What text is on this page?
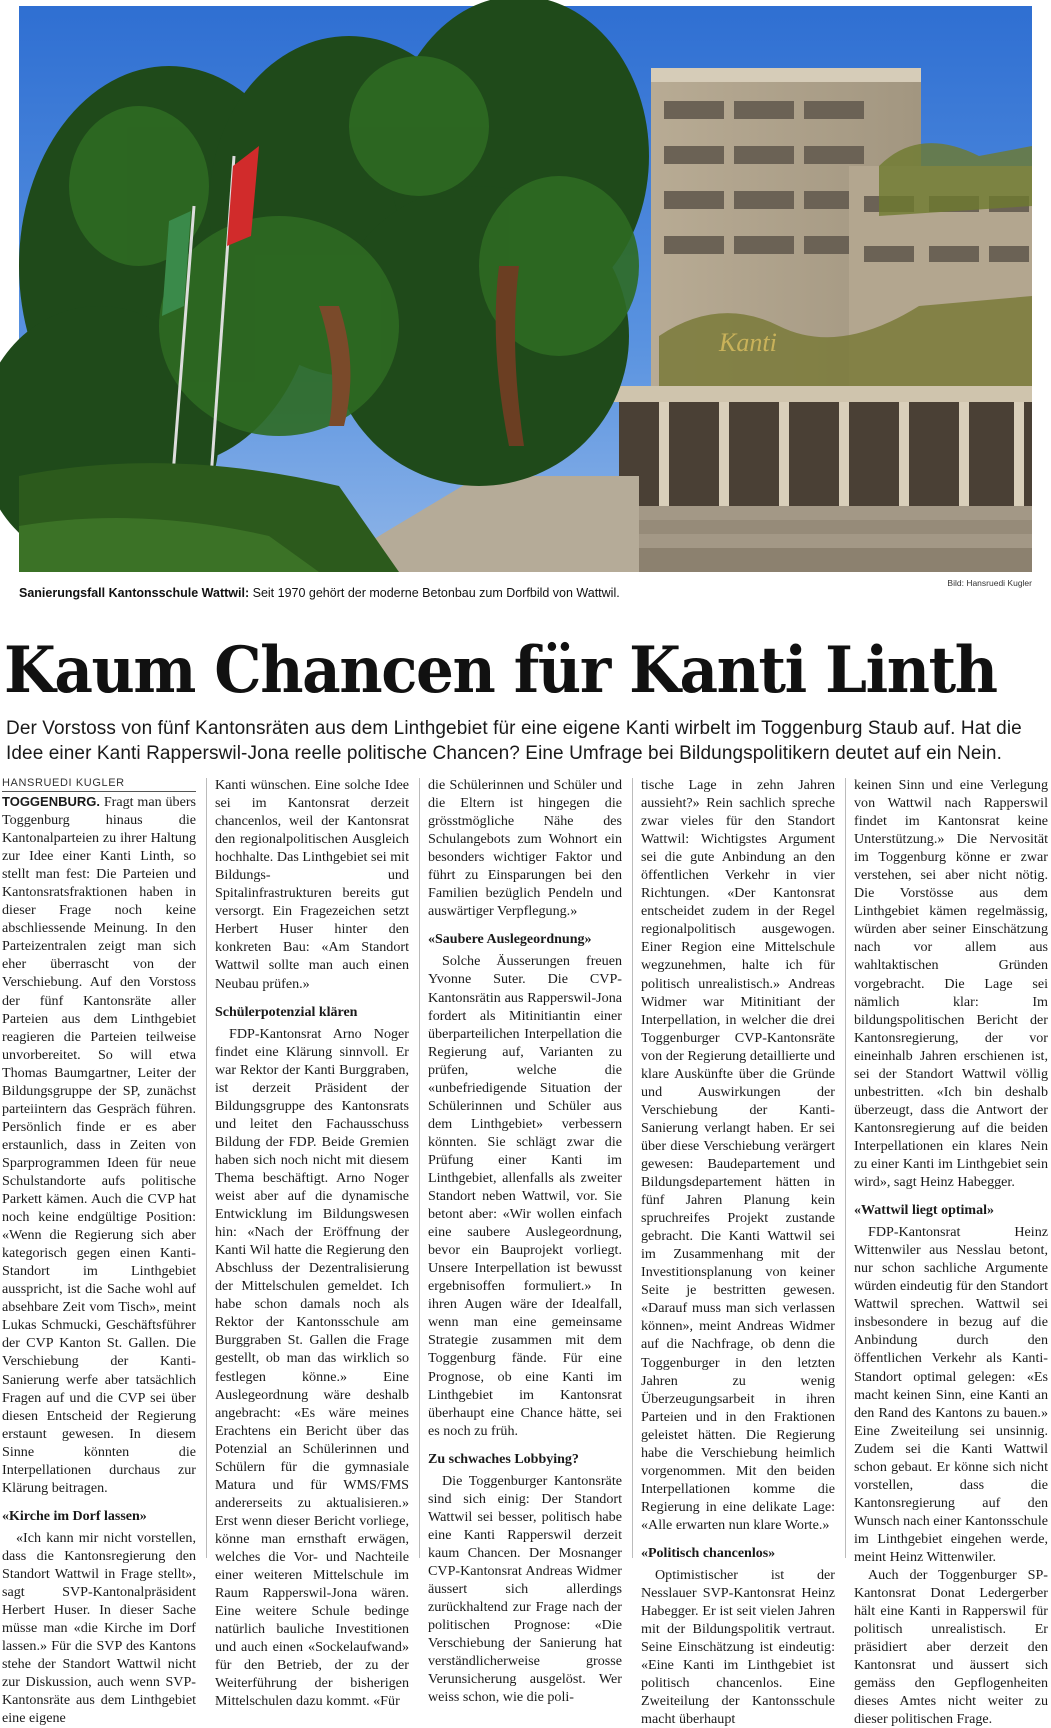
Kanti
Bild: Hansruedi Kugler
Sanierungsfall Kantonsschule Wattwil: Seit 1970 gehört der moderne Betonbau zum Dorfbild von Wattwil.
Kaum Chancen für Kanti Linth

Der Vorstoss von fünf Kantonsräten aus dem Linthgebiet für eine eigene Kanti wirbelt im Toggenburg Staub auf. Hat die Idee einer Kanti Rapperswil-Jona reelle politische Chancen? Eine Umfrage bei Bildungspolitikern deutet auf ein Nein.

HANSRUEDI KUGLER

TOGGENBURG. Fragt man übers Toggenburg hinaus die Kantonalparteien zu ihrer Haltung zur Idee einer Kanti Linth, so stellt man fest: Die Parteien und Kantonsratsfraktionen haben in dieser Frage noch keine abschliessende Meinung. In den Parteizentralen zeigt man sich eher überrascht von der Verschiebung. Auf den Vorstoss der fünf Kantonsräte aller Parteien aus dem Linthgebiet reagieren die Parteien teilweise unvorbereitet. So will etwa Thomas Baumgartner, Leiter der Bildungsgruppe der SP, zunächst parteiintern das Gespräch führen. Persönlich finde er es aber erstaunlich, dass in Zeiten von Sparprogrammen Ideen für neue Schulstandorte aufs politische Parkett kämen. Auch die CVP hat noch keine endgültige Position: «Wenn die Regierung sich aber kategorisch gegen einen Kanti-Standort im Linthgebiet ausspricht, ist die Sache wohl auf absehbare Zeit vom Tisch», meint Lukas Schmucki, Geschäftsführer der CVP Kanton St. Gallen. Die Verschiebung der Kanti-Sanierung werfe aber tatsächlich Fragen auf und die CVP sei über diesen Entscheid der Regierung erstaunt gewesen. In diesem Sinne könnten die Interpellationen durchaus zur Klärung beitragen.

«Kirche im Dorf lassen»

«Ich kann mir nicht vorstellen, dass die Kantonsregierung den Standort Wattwil in Frage stellt», sagt SVP-Kantonalpräsident Herbert Huser. In dieser Sache müsse man «die Kirche im Dorf lassen.» Für die SVP des Kantons stehe der Standort Wattwil nicht zur Diskussion, auch wenn SVP-Kantonsräte aus dem Linthgebiet eine eigene

Kanti wünschen. Eine solche Idee sei im Kantonsrat derzeit chancenlos, weil der Kantonsrat den regionalpolitischen Ausgleich hochhalte. Das Linthgebiet sei mit Bildungs- und Spitalinfrastrukturen bereits gut versorgt. Ein Fragezeichen setzt Herbert Huser hinter den konkreten Bau: «Am Standort Wattwil sollte man auch einen Neubau prüfen.»

Schülerpotenzial klären

FDP-Kantonsrat Arno Noger findet eine Klärung sinnvoll. Er war Rektor der Kanti Burggraben, ist derzeit Präsident der Bildungsgruppe des Kantonsrats und leitet den Fachausschuss Bildung der FDP. Beide Gremien haben sich noch nicht mit diesem Thema beschäftigt. Arno Noger weist aber auf die dynamische Entwicklung im Bildungswesen hin: «Nach der Eröffnung der Kanti Wil hatte die Regierung den Abschluss der Dezentralisierung der Mittelschulen gemeldet. Ich habe schon damals noch als Rektor der Kantonsschule am Burggraben St. Gallen die Frage gestellt, ob man das wirklich so festlegen könne.» Eine Auslegeordnung wäre deshalb angebracht: «Es wäre meines Erachtens ein Bericht über das Potenzial an Schülerinnen und Schülern für die gymnasiale Matura und für WMS/FMS andererseits zu aktualisieren.» Erst wenn dieser Bericht vorliege, könne man ernsthaft erwägen, welches die Vor- und Nachteile einer weiteren Mittelschule im Raum Rapperswil-Jona wären. Eine weitere Schule bedinge natürlich bauliche Investitionen und auch einen «Sockelaufwand» für den Betrieb, der zu der Weiterführung der bisherigen Mittelschulen dazu kommt. «Für

die Schülerinnen und Schüler und die Eltern ist hingegen die grösstmögliche Nähe des Schulangebots zum Wohnort ein besonders wichtiger Faktor und führt zu Einsparungen bei den Familien bezüglich Pendeln und auswärtiger Verpflegung.»

«Saubere Auslegeordnung»

Solche Äusserungen freuen Yvonne Suter. Die CVP-Kantonsrätin aus Rapperswil-Jona fordert als Mitinitiantin einer überparteilichen Interpellation die Regierung auf, Varianten zu prüfen, welche die «unbefriedigende Situation der Schülerinnen und Schüler aus dem Linthgebiet» verbessern könnten. Sie schlägt zwar die Prüfung einer Kanti im Linthgebiet, allenfalls als zweiter Standort neben Wattwil, vor. Sie betont aber: «Wir wollen einfach eine saubere Auslegeordnung, bevor ein Bauprojekt vorliegt. Unsere Interpellation ist bewusst ergebnisoffen formuliert.» In ihren Augen wäre der Idealfall, wenn man eine gemeinsame Strategie zusammen mit dem Toggenburg fände. Für eine Prognose, ob eine Kanti im Linthgebiet im Kantonsrat überhaupt eine Chance hätte, sei es noch zu früh.

Zu schwaches Lobbying?

Die Toggenburger Kantonsräte sind sich einig: Der Standort Wattwil sei besser, politisch habe eine Kanti Rapperswil derzeit kaum Chancen. Der Mosnanger CVP-Kantonsrat Andreas Widmer äussert sich allerdings zurückhaltend zur Frage nach der politischen Prognose: «Die Verschiebung der Sanierung hat verständlicherweise grosse Verunsicherung ausgelöst. Wer weiss schon, wie die poli-

tische Lage in zehn Jahren aussieht?» Rein sachlich spreche zwar vieles für den Standort Wattwil: Wichtigstes Argument sei die gute Anbindung an den öffentlichen Verkehr in vier Richtungen. «Der Kantonsrat entscheidet zudem in der Regel regionalpolitisch ausgewogen. Einer Region eine Mittelschule wegzunehmen, halte ich für politisch unrealistisch.» Andreas Widmer war Mitinitiant der Interpellation, in welcher die drei Toggenburger CVP-Kantonsräte von der Regierung detaillierte und klare Auskünfte über die Gründe und Auswirkungen der Verschiebung der Kanti-Sanierung verlangt haben. Er sei über diese Verschiebung verärgert gewesen: Baudepartement und Bildungsdepartement hätten in fünf Jahren Planung kein spruchreifes Projekt zustande gebracht. Die Kanti Wattwil sei im Zusammenhang mit der Investitionsplanung von keiner Seite je bestritten gewesen. «Darauf muss man sich verlassen können», meint Andreas Widmer auf die Nachfrage, ob denn die Toggenburger in den letzten Jahren zu wenig Überzeugungsarbeit in ihren Parteien und in den Fraktionen geleistet hätten. Die Regierung habe die Verschiebung heimlich vorgenommen. Mit den beiden Interpellationen komme die Regierung in eine delikate Lage: «Alle erwarten nun klare Worte.»

«Politisch chancenlos»

Optimistischer ist der Nesslauer SVP-Kantonsrat Heinz Habegger. Er ist seit vielen Jahren mit der Bildungspolitik vertraut. Seine Einschätzung ist eindeutig: «Eine Kanti im Linthgebiet ist politisch chancenlos. Eine Zweiteilung der Kantonsschule macht überhaupt

keinen Sinn und eine Verlegung von Wattwil nach Rapperswil findet im Kantonsrat keine Unterstützung.» Die Nervosität im Toggenburg könne er zwar verstehen, sei aber nicht nötig. Die Vorstösse aus dem Linthgebiet kämen regelmässig, würden aber seiner Einschätzung nach vor allem aus wahltaktischen Gründen vorgebracht. Die Lage sei nämlich klar: Im bildungspolitischen Bericht der Kantonsregierung, der vor eineinhalb Jahren erschienen ist, sei der Standort Wattwil völlig unbestritten. «Ich bin deshalb überzeugt, dass die Antwort der Kantonsregierung auf die beiden Interpellationen ein klares Nein zu einer Kanti im Linthgebiet sein wird», sagt Heinz Habegger.

«Wattwil liegt optimal»

FDP-Kantonsrat Heinz Wittenwiler aus Nesslau betont, nur schon sachliche Argumente würden eindeutig für den Standort Wattwil sprechen. Wattwil sei insbesondere in bezug auf die Anbindung durch den öffentlichen Verkehr als Kanti-Standort optimal gelegen: «Es macht keinen Sinn, eine Kanti an den Rand des Kantons zu bauen.» Eine Zweiteilung sei unsinnig. Zudem sei die Kanti Wattwil schon gebaut. Er könne sich nicht vorstellen, dass die Kantonsregierung auf den Wunsch nach einer Kantonsschule im Linthgebiet eingehen werde, meint Heinz Wittenwiler.

Auch der Toggenburger SP-Kantonsrat Donat Ledergerber hält eine Kanti in Rapperswil für politisch unrealistisch. Er präsidiert aber derzeit den Kantonsrat und äussert sich gemäss den Gepflogenheiten dieses Amtes nicht weiter zu dieser politischen Frage.
